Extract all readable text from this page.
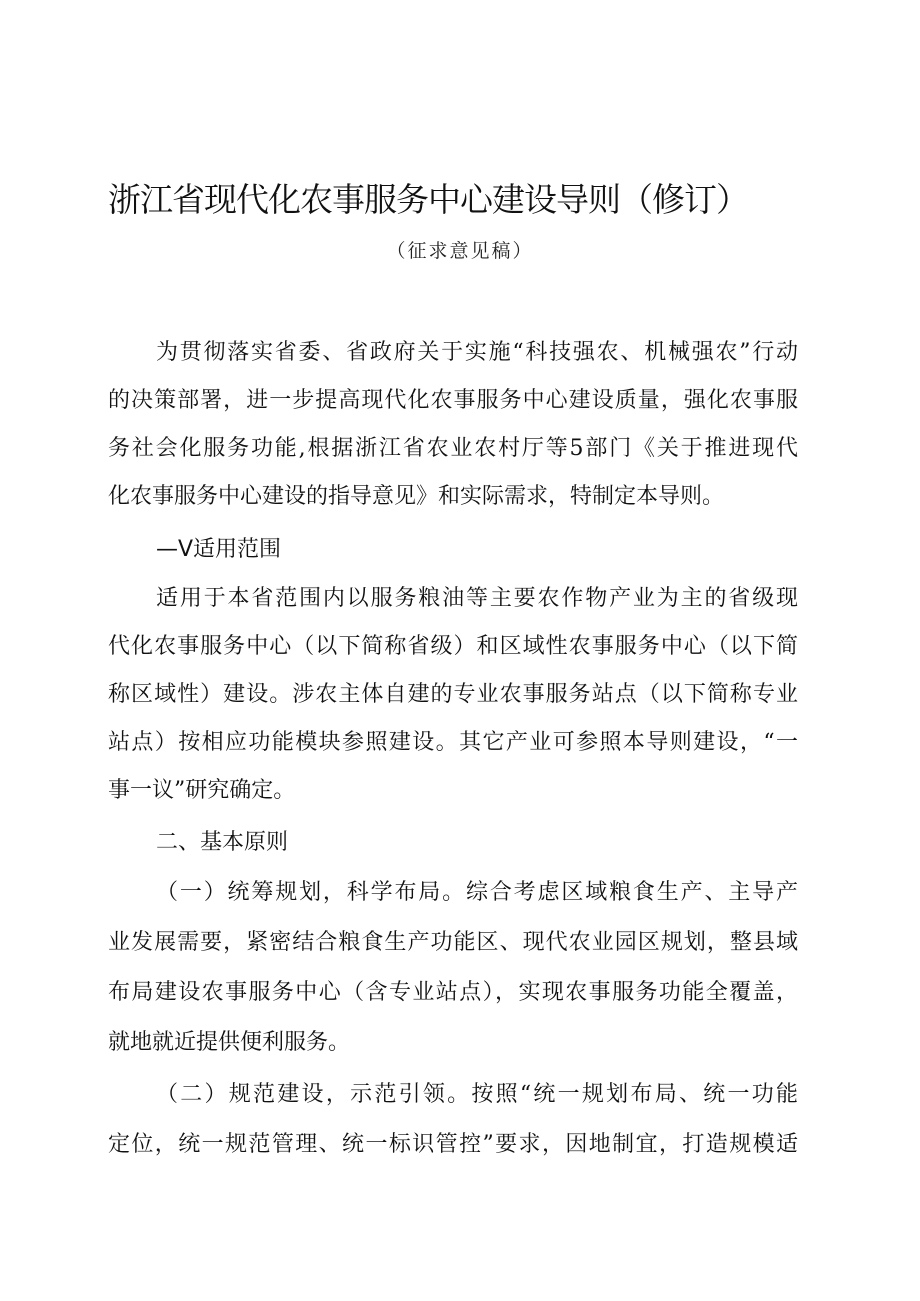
浙江省现代化农事服务中心建设导则（修订）
（征求意见稿）
为贯彻落实省委、省政府关于实施“科技强农、机械强农”行动
的决策部署，进一步提高现代化农事服务中心建设质量，强化农事服
务社会化服务功能,根据浙江省农业农村厅等5部门《关于推进现代
化农事服务中心建设的指导意见》和实际需求，特制定本导则。
—V适用范围
适用于本省范围内以服务粮油等主要农作物产业为主的省级现
代化农事服务中心（以下简称省级）和区域性农事服务中心（以下简
称区域性）建设。涉农主体自建的专业农事服务站点（以下简称专业
站点）按相应功能模块参照建设。其它产业可参照本导则建设，“一
事一议”研究确定。
二、基本原则
（一）统筹规划，科学布局。综合考虑区域粮食生产、主导产
业发展需要，紧密结合粮食生产功能区、现代农业园区规划，整县域
布局建设农事服务中心（含专业站点），实现农事服务功能全覆盖，
就地就近提供便利服务。
（二）规范建设，示范引领。按照“统一规划布局、统一功能
定位，统一规范管理、统一标识管控”要求，因地制宜，打造规模适
